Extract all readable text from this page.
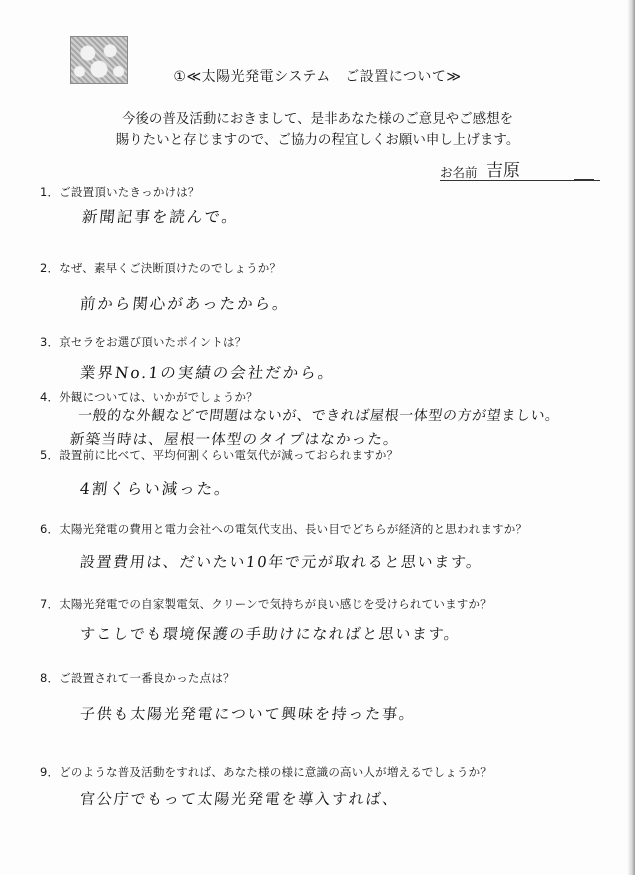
①≪太陽光発電システム　ご設置について≫
今後の普及活動におきまして、是非あなた様のご意見やご感想を
賜りたいと存じますので、ご協力の程宜しくお願い申し上げます。
お名前 吉原
1．ご設置頂いたきっかけは？
新聞記事を読んで。
2．なぜ、素早くご決断頂けたのでしょうか？
前から関心があったから。
3．京セラをお選び頂いたポイントは？
業界No.1の実績の会社だから。
4．外観については、いかがでしょうか？
一般的な外観などで問題はないが、できれば屋根一体型の方が望ましい。
新築当時は、屋根一体型のタイプはなかった。
5．設置前に比べて、平均何割くらい電気代が減っておられますか？
4割くらい減った。
6．太陽光発電の費用と電力会社への電気代支出、長い目でどちらが経済的と思われますか？
設置費用は、だいたい10年で元が取れると思います。
7．太陽光発電での自家製電気、クリーンで気持ちが良い感じを受けられていますか？
すこしでも環境保護の手助けになればと思います。
8．ご設置されて一番良かった点は？
子供も太陽光発電について興味を持った事。
9．どのような普及活動をすれば、あなた様の様に意識の高い人が増えるでしょうか？
官公庁でもって太陽光発電を導入すれば、
